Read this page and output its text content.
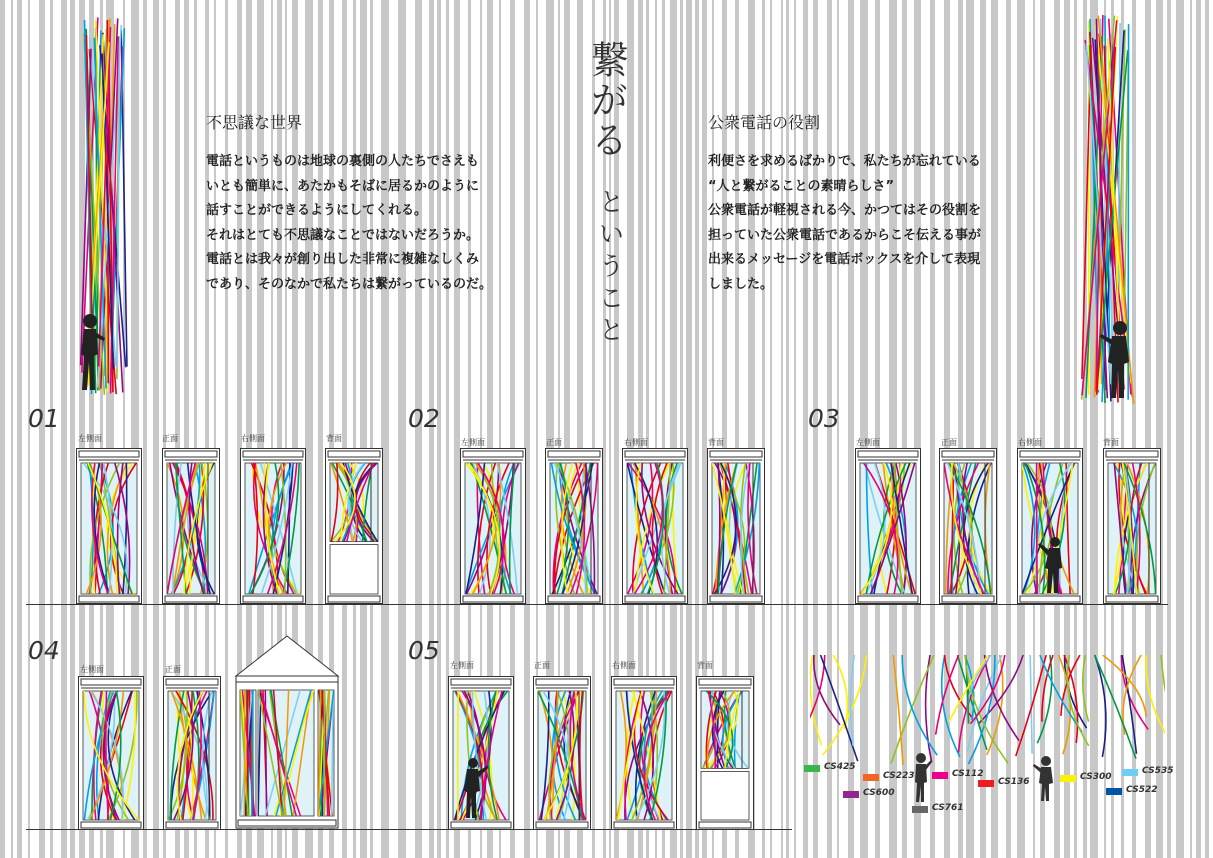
繋がる
ということ
不思議な世界
電話というものは地球の裏側の人たちでさえも
いとも簡単に、あたかもそばに居るかのように
話すことができるようにしてくれる。
それはとても不思議なことではないだろうか。
電話とは我々が創り出した非常に複雑なしくみ
であり、そのなかで私たちは繋がっているのだ。
公衆電話の役割
利便さを求めるばかりで、私たちが忘れている
“人と繋がることの素晴らしさ”
公衆電話が軽視される今、かつてはその役割を
担っていた公衆電話であるからこそ伝える事が
出来るメッセージを電話ボックスを介して表現
しました。
01	02	03
04	05
左側面	正面	右側面	背面	左側面	正面	右側面	背面	左側面	正面	右側面	背面
左側面	正面	左側面	正面	右側面	背面
CS425
CS223
CS600
CS761
CS112
CS136	CS300
CS535
CS522
